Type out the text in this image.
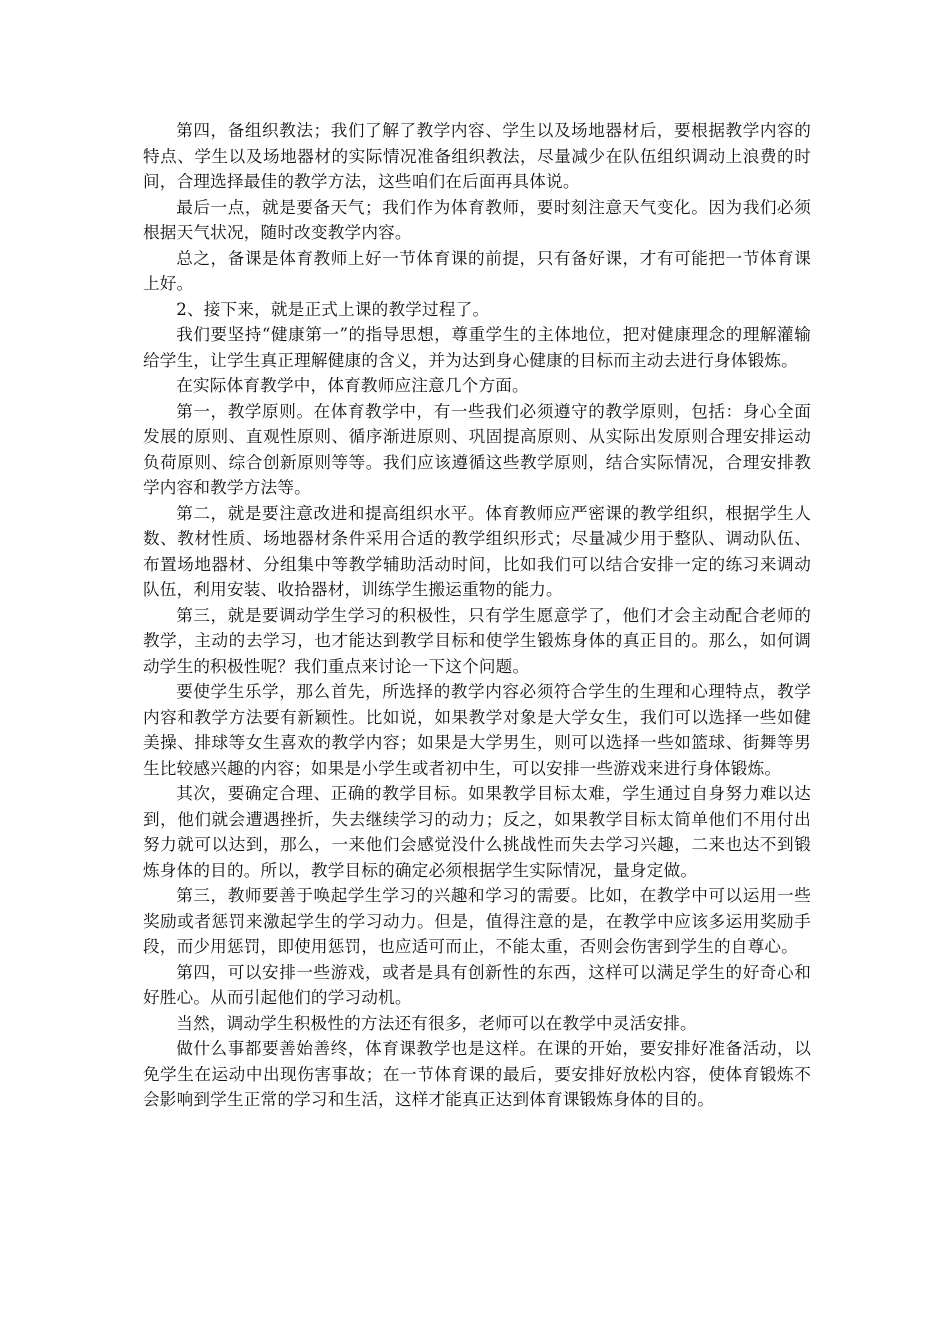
第四，备组织教法；我们了解了教学内容、学生以及场地器材后，要根据教学内容的特点、学生以及场地器材的实际情况准备组织教法，尽量减少在队伍组织调动上浪费的时间，合理选择最佳的教学方法，这些咱们在后面再具体说。

最后一点，就是要备天气；我们作为体育教师，要时刻注意天气变化。因为我们必须根据天气状况，随时改变教学内容。

总之，备课是体育教师上好一节体育课的前提，只有备好课，才有可能把一节体育课上好。

2、接下来，就是正式上课的教学过程了。

我们要坚持“健康第一”的指导思想，尊重学生的主体地位，把对健康理念的理解灌输给学生，让学生真正理解健康的含义，并为达到身心健康的目标而主动去进行身体锻炼。

在实际体育教学中，体育教师应注意几个方面。

第一，教学原则。在体育教学中，有一些我们必须遵守的教学原则，包括：身心全面发展的原则、直观性原则、循序渐进原则、巩固提高原则、从实际出发原则合理安排运动负荷原则、综合创新原则等等。我们应该遵循这些教学原则，结合实际情况，合理安排教学内容和教学方法等。

第二，就是要注意改进和提高组织水平。体育教师应严密课的教学组织，根据学生人数、教材性质、场地器材条件采用合适的教学组织形式；尽量减少用于整队、调动队伍、布置场地器材、分组集中等教学辅助活动时间，比如我们可以结合安排一定的练习来调动队伍，利用安装、收拾器材，训练学生搬运重物的能力。

第三，就是要调动学生学习的积极性，只有学生愿意学了，他们才会主动配合老师的教学，主动的去学习，也才能达到教学目标和使学生锻炼身体的真正目的。那么，如何调动学生的积极性呢？我们重点来讨论一下这个问题。

要使学生乐学，那么首先，所选择的教学内容必须符合学生的生理和心理特点，教学内容和教学方法要有新颖性。比如说，如果教学对象是大学女生，我们可以选择一些如健美操、排球等女生喜欢的教学内容；如果是大学男生，则可以选择一些如篮球、街舞等男生比较感兴趣的内容；如果是小学生或者初中生，可以安排一些游戏来进行身体锻炼。

其次，要确定合理、正确的教学目标。如果教学目标太难，学生通过自身努力难以达到，他们就会遭遇挫折，失去继续学习的动力；反之，如果教学目标太简单他们不用付出努力就可以达到，那么，一来他们会感觉没什么挑战性而失去学习兴趣，二来也达不到锻炼身体的目的。所以，教学目标的确定必须根据学生实际情况，量身定做。

第三，教师要善于唤起学生学习的兴趣和学习的需要。比如，在教学中可以运用一些奖励或者惩罚来激起学生的学习动力。但是，值得注意的是，在教学中应该多运用奖励手段，而少用惩罚，即使用惩罚，也应适可而止，不能太重，否则会伤害到学生的自尊心。

第四，可以安排一些游戏，或者是具有创新性的东西，这样可以满足学生的好奇心和好胜心。从而引起他们的学习动机。

当然，调动学生积极性的方法还有很多，老师可以在教学中灵活安排。

做什么事都要善始善终，体育课教学也是这样。在课的开始，要安排好准备活动，以免学生在运动中出现伤害事故；在一节体育课的最后，要安排好放松内容，使体育锻炼不会影响到学生正常的学习和生活，这样才能真正达到体育课锻炼身体的目的。
